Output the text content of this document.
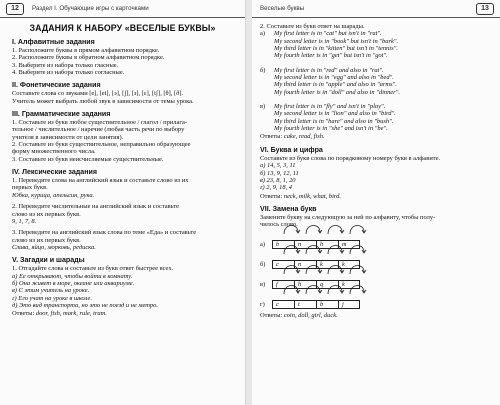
12	Раздел I. Обучающие игры с карточками
ЗАДАНИЯ К НАБОРУ «ВЕСЕЛЫЕ БУКВЫ»
I. Алфавитные задания
1. Расположите буквы в прямом алфавитном порядке.
2. Расположите буквы в обратном алфавитном порядке.
3. Выберите из набора только гласные.
4. Выберите из набора только согласные.
II. Фонетические задания
Составьте слова со звуками [e], [ei], [э], [ʃ], [з], [ɛ], [tʃ], [θ], [ð].
Учитель может выбрать любой звук в зависимости от темы урока.
III. Грамматические задания
1. Составьте из букв любое существительное / глагол / прилага-
тельное / числительное / наречие (любая часть речи по выбору
учителя в зависимости от цели занятия).
2. Составьте из букв существительное, неправильно образующее
форму множественного числа.
3. Составьте из букв неисчисляемые существительные.
IV. Лексические задания
1. Переведите слова на английский язык и составьте слово из их
первых букв.
Юбка, курица, апельсин, рука.
2. Переведите числительные на английский язык и составьте
слово из их первых букв.
9, 1, 7, 8.
3. Переведите на английский язык слова по теме «Еда» и составьте
слово из их первых букв.
Слива, яйцо, морковь, редиска.
V. Загадки и шарады
1. Отгадайте слова и составьте из букв ответ быстрее всех.
а) Ее открывают, чтобы войти в комнату.
б) Она живет в море, океане или аквариуме.
в) С этим учитель на уроке.
г) Его учат на уроке в школе.
д) Это вид транспорта, но это не поезд и не метро.
Ответы: door, fish, mark, rule, tram.
Веселые буквы	13
2. Составьте из букв ответ на шарады.
a)	My first letter is in "cat" but isn't in "rat".
My second letter is in "book" but isn't in "bark".
My third letter is in "kitten" but isn't in "tennis".
My fourth letter is in "get" but isn't in "got".
б)	My first letter is in "red" and also in "rat".
My second letter is in "egg" and also in "bed".
My third letter is in "apple" and also in "arms".
My fourth letter is in "doll" and also in "dinner".
в)	My first letter is in "fly" and isn't in "play".
My second letter is in "lion" and also in "bird".
My third letter is in "hare" and also in "bush".
My fourth letter is in "she" and isn't in "be".
Ответы: cake, read, fish.
VI. Буква и цифра
Составьте из букв слова по порядковому номеру букв в алфавите.
а) 14, 5, 3, 11
б) 13, 9, 12, 11
в) 23, 8, 1, 20
г) 2, 9, 18, 4
Ответы: neck, milk, what, bird.
VII. Замена букв
Замените букву на следующую за ней по алфавиту, чтобы полу-
чилось слово.
а)	b	n	h	m
б)	c	n	k	k
в)	f	h	q	k
г)	c	t	b	j
Ответы: coin, doll, girl, duck.
